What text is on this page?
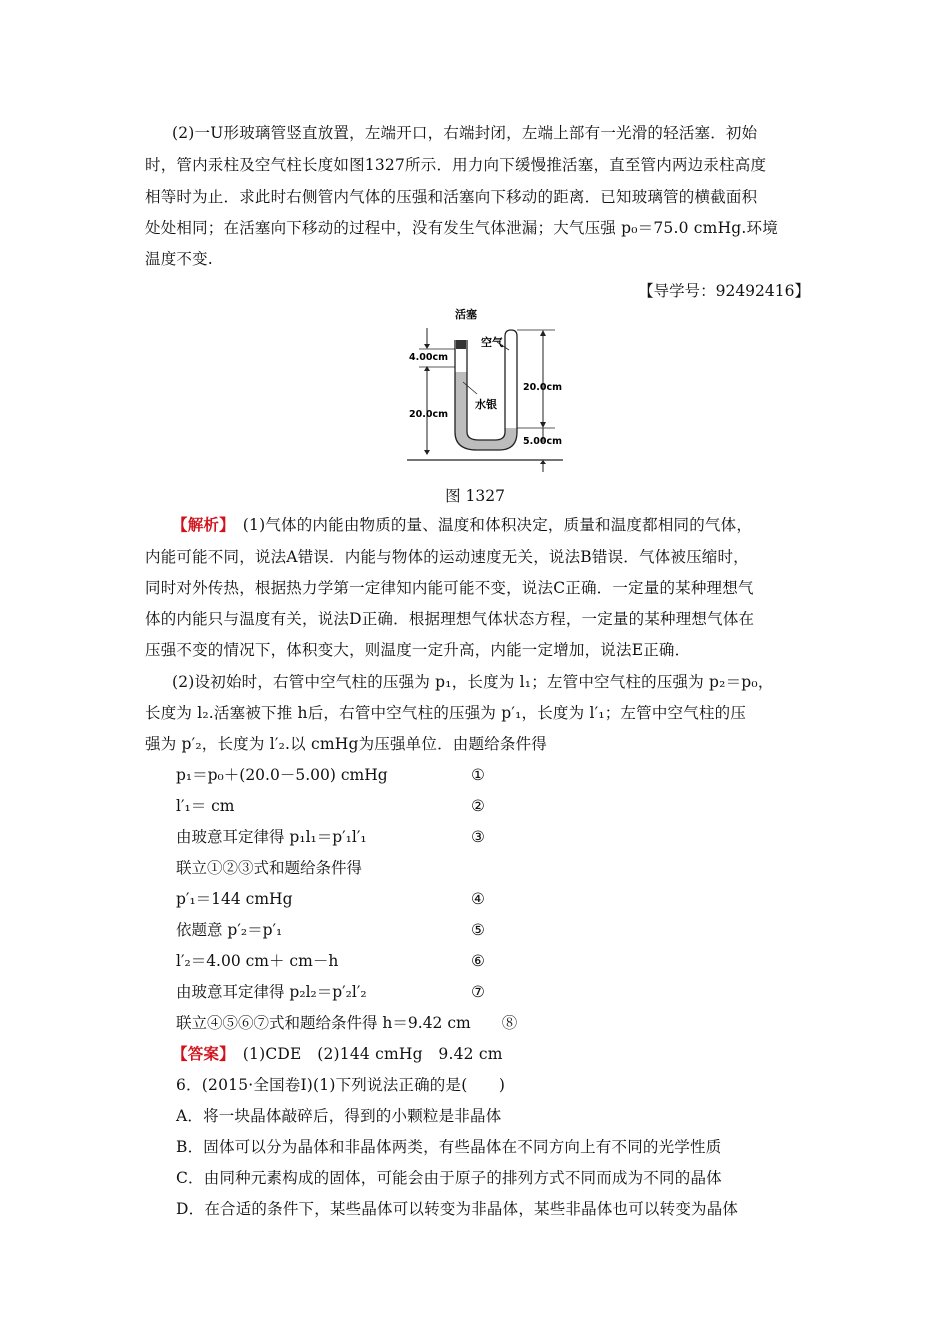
(2)一U形玻璃管竖直放置，左端开口，右端封闭，左端上部有一光滑的轻活塞．初始
时，管内汞柱及空气柱长度如图1327所示．用力向下缓慢推活塞，直至管内两边汞柱高度
相等时为止．求此时右侧管内气体的压强和活塞向下移动的距离．已知玻璃管的横截面积
处处相同；在活塞向下移动的过程中，没有发生气体泄漏；大气压强 p₀＝75.0 cmHg.环境
温度不变.
【导学号：92492416】
活塞
空气
水银
4.00cm
20.0cm
20.0cm
5.00cm
图 1327
【解析】　(1)气体的内能由物质的量、温度和体积决定，质量和温度都相同的气体，
内能可能不同，说法A错误．内能与物体的运动速度无关，说法B错误．气体被压缩时，
同时对外传热，根据热力学第一定律知内能可能不变，说法C正确．一定量的某种理想气
体的内能只与温度有关，说法D正确．根据理想气体状态方程，一定量的某种理想气体在
压强不变的情况下，体积变大，则温度一定升高，内能一定增加，说法E正确．
(2)设初始时，右管中空气柱的压强为 p₁，长度为 l₁；左管中空气柱的压强为 p₂＝p₀，
长度为 l₂.活塞被下推 h后，右管中空气柱的压强为 p′₁，长度为 l′₁；左管中空气柱的压
强为 p′₂，长度为 l′₂.以 cmHg为压强单位．由题给条件得
p₁＝p₀＋(20.0－5.00) cmHg	①
l′₁＝ cm	②
由玻意耳定律得 p₁l₁＝p′₁l′₁	③
联立①②③式和题给条件得
p′₁＝144 cmHg	④
依题意 p′₂＝p′₁	⑤
l′₂＝4.00 cm＋ cm－h	⑥
由玻意耳定律得 p₂l₂＝p′₂l′₂	⑦
联立④⑤⑥⑦式和题给条件得 h＝9.42 cm　　⑧
【答案】　(1)CDE　(2)144 cmHg　9.42 cm
6．(2015·全国卷Ⅰ)(1)下列说法正确的是(　　)
A．将一块晶体敲碎后，得到的小颗粒是非晶体
B．固体可以分为晶体和非晶体两类，有些晶体在不同方向上有不同的光学性质
C．由同种元素构成的固体，可能会由于原子的排列方式不同而成为不同的晶体
D．在合适的条件下，某些晶体可以转变为非晶体，某些非晶体也可以转变为晶体
